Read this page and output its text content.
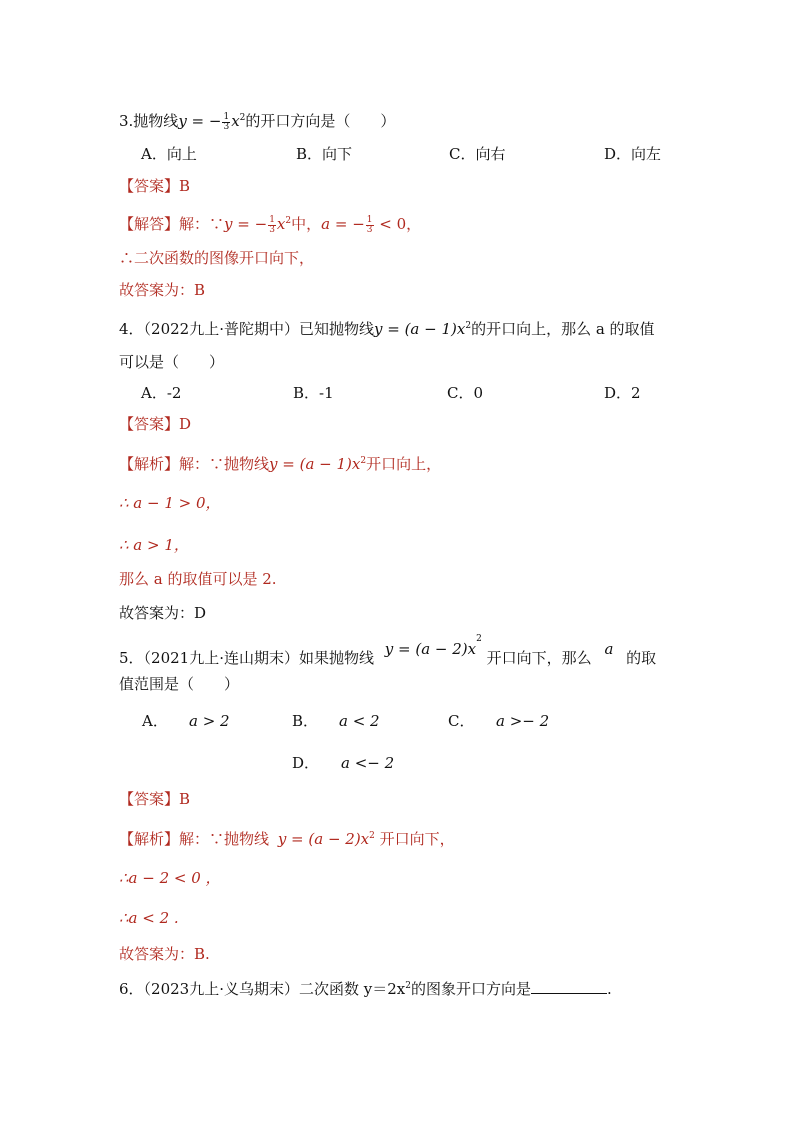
3.抛物线y = − $\frac{1}{3} x^2$的开口方向是（　　）
A．向上	B．向下	C．向右	D．向左
【答案】B
【解答】解：∵y = − $\frac{1}{3} x^2$中，a = − $\frac{1}{3} < 0$，
∴二次函数的图像开口向下，
故答案为：B
4．（2022九上·普陀期中）已知抛物线$y = (a - 1)x^2$的开口向上，那么 a 的取值
可以是（　　）
A．-2	B．-1	C．0	D．2
【答案】D
【解析】解：∵抛物线$y = (a - 1)x^2$开口向上，
∴ a − 1 > 0，
∴ a > 1，
那么 a 的取值可以是 2.
故答案为：D
5．（2021九上·连山期末）如果抛物线 $y = (a - 2)x^2$ 开口向下，那么 a 的取
值范围是（　　）
A． a > 2	B． a < 2	C． a >− 2
D． a <− 2
【答案】B
【解析】解：∵抛物线 $y = (a - 2)x^2$ 开口向下，
∴a − 2 < 0 ，
∴a < 2 .
故答案为：B.
6．（2023九上·义乌期末）二次函数 $y=2x^2$的图象开口方向是	.
